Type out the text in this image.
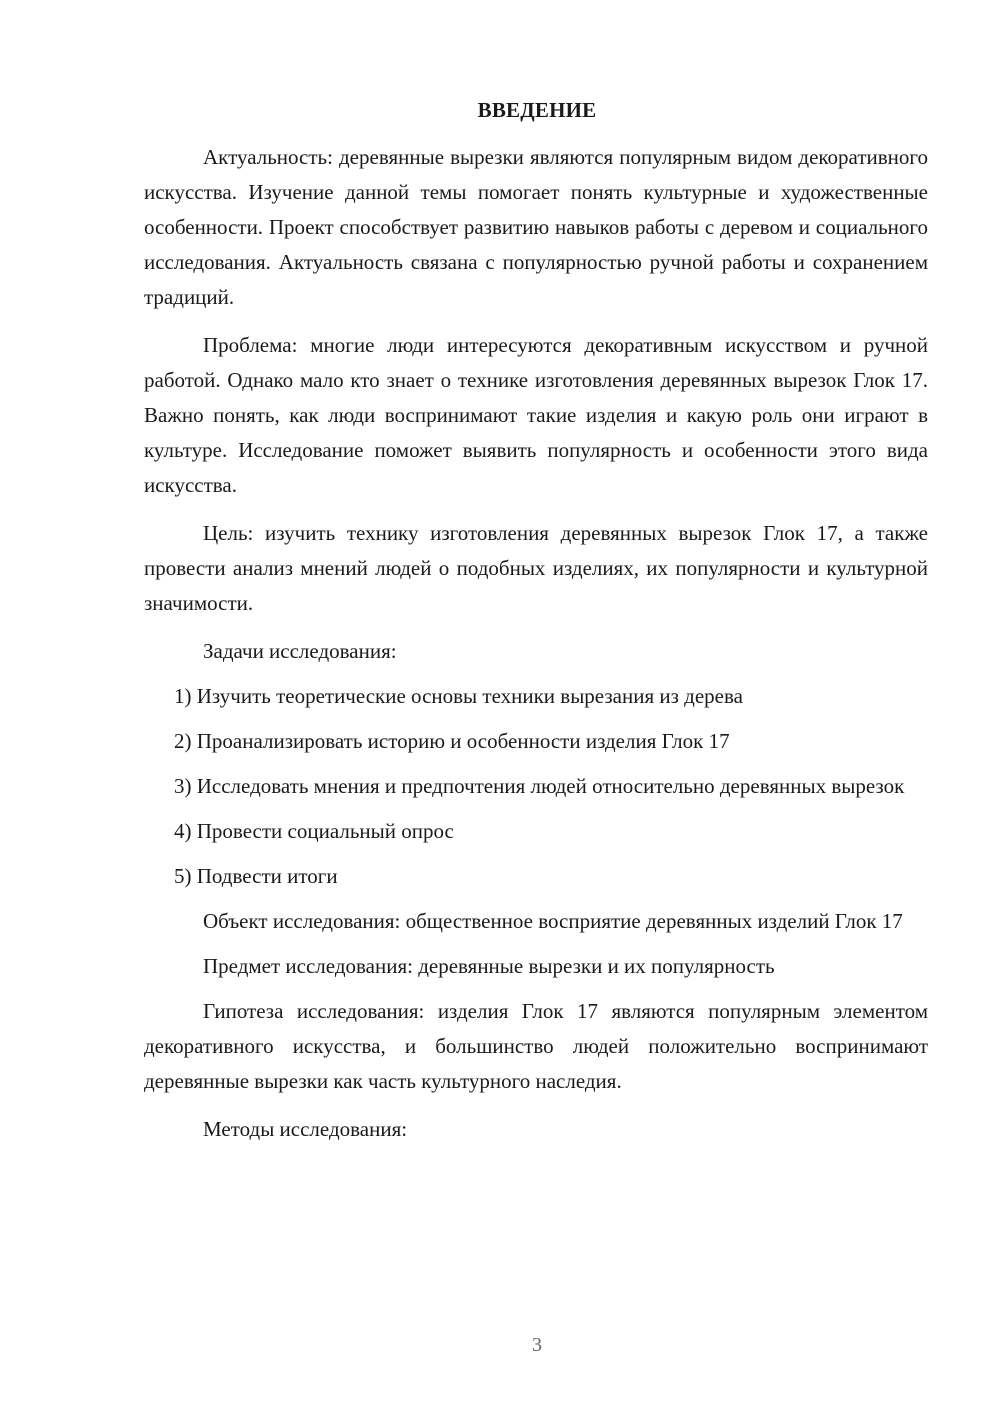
ВВЕДЕНИЕ

Актуальность: деревянные вырезки являются популярным видом декоративного искусства. Изучение данной темы помогает понять культурные и художественные особенности. Проект способствует развитию навыков работы с деревом и социального исследования. Актуальность связана с популярностью ручной работы и сохранением традиций.

Проблема: многие люди интересуются декоративным искусством и ручной работой. Однако мало кто знает о технике изготовления деревянных вырезок Глок 17. Важно понять, как люди воспринимают такие изделия и какую роль они играют в культуре. Исследование поможет выявить популярность и особенности этого вида искусства.

Цель: изучить технику изготовления деревянных вырезок Глок 17, а также провести анализ мнений людей о подобных изделиях, их популярности и культурной значимости.

Задачи исследования:

1) Изучить теоретические основы техники вырезания из дерева

2) Проанализировать историю и особенности изделия Глок 17

3) Исследовать мнения и предпочтения людей относительно деревянных вырезок

4) Провести социальный опрос

5) Подвести итоги

Объект исследования: общественное восприятие деревянных изделий Глок 17

Предмет исследования: деревянные вырезки и их популярность

Гипотеза исследования: изделия Глок 17 являются популярным элементом декоративного искусства, и большинство людей положительно воспринимают деревянные вырезки как часть культурного наследия.

Методы исследования:

3
